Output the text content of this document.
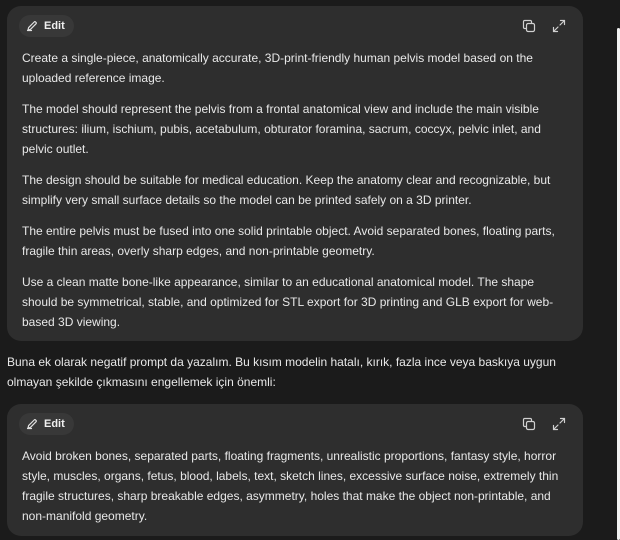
Edit

Create a single-piece, anatomically accurate, 3D-print-friendly human pelvis model based on the uploaded reference image.

The model should represent the pelvis from a frontal anatomical view and include the main visible structures: ilium, ischium, pubis, acetabulum, obturator foramina, sacrum, coccyx, pelvic inlet, and pelvic outlet.

The design should be suitable for medical education. Keep the anatomy clear and recognizable, but simplify very small surface details so the model can be printed safely on a 3D printer.

The entire pelvis must be fused into one solid printable object. Avoid separated bones, floating parts, fragile thin areas, overly sharp edges, and non-printable geometry.

Use a clean matte bone-like appearance, similar to an educational anatomical model. The shape should be symmetrical, stable, and optimized for STL export for 3D printing and GLB export for web-based 3D viewing.

Buna ek olarak negatif prompt da yazalım. Bu kısım modelin hatalı, kırık, fazla ince veya baskıya uygun olmayan şekilde çıkmasını engellemek için önemli:
Edit

Avoid broken bones, separated parts, floating fragments, unrealistic proportions, fantasy style, horror style, muscles, organs, fetus, blood, labels, text, sketch lines, excessive surface noise, extremely thin fragile structures, sharp breakable edges, asymmetry, holes that make the object non-printable, and non-manifold geometry.
